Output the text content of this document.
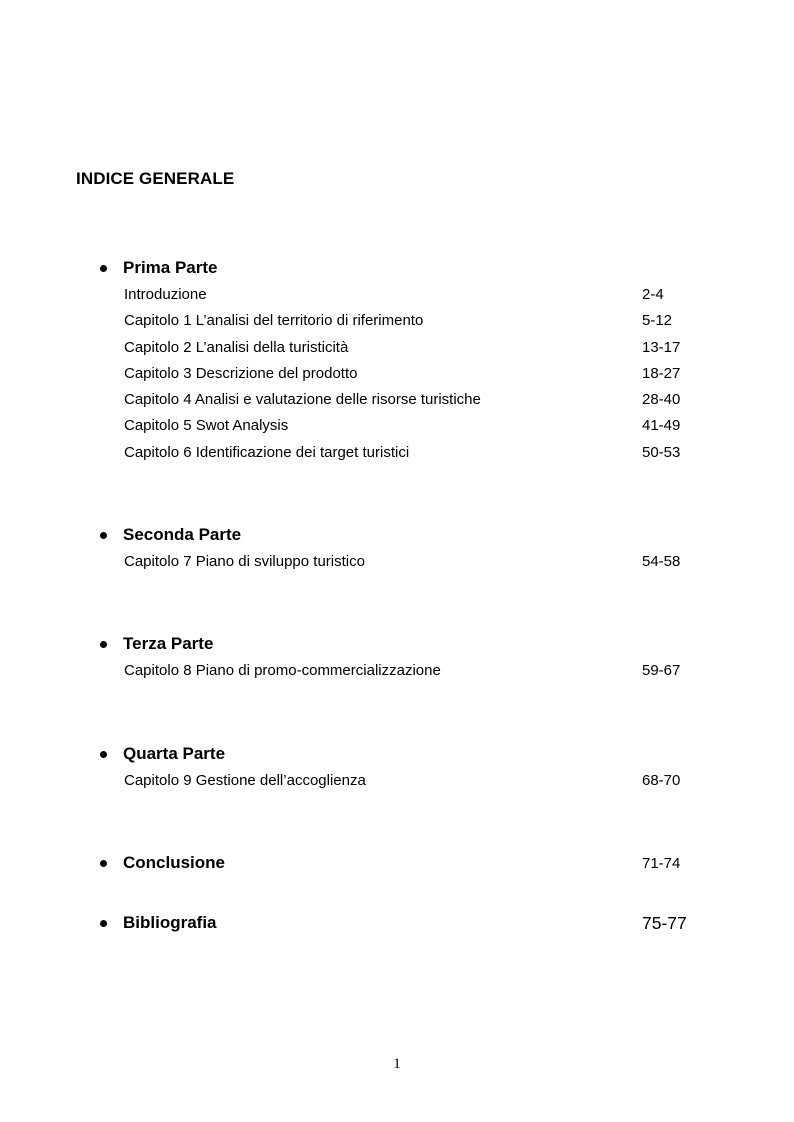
INDICE GENERALE
Prima Parte
Introduzione	2-4
Capitolo 1 L’analisi del territorio di riferimento	5-12
Capitolo 2 L’analisi della turisticità	13-17
Capitolo 3 Descrizione del prodotto	18-27
Capitolo 4 Analisi e valutazione delle risorse turistiche	28-40
Capitolo 5 Swot Analysis	41-49
Capitolo 6 Identificazione dei target turistici	50-53
Seconda Parte
Capitolo 7 Piano di sviluppo turistico	54-58
Terza Parte
Capitolo 8 Piano di promo-commercializzazione	59-67
Quarta Parte
Capitolo 9 Gestione dell’accoglienza	68-70
Conclusione	71-74
Bibliografia	75-77
1
